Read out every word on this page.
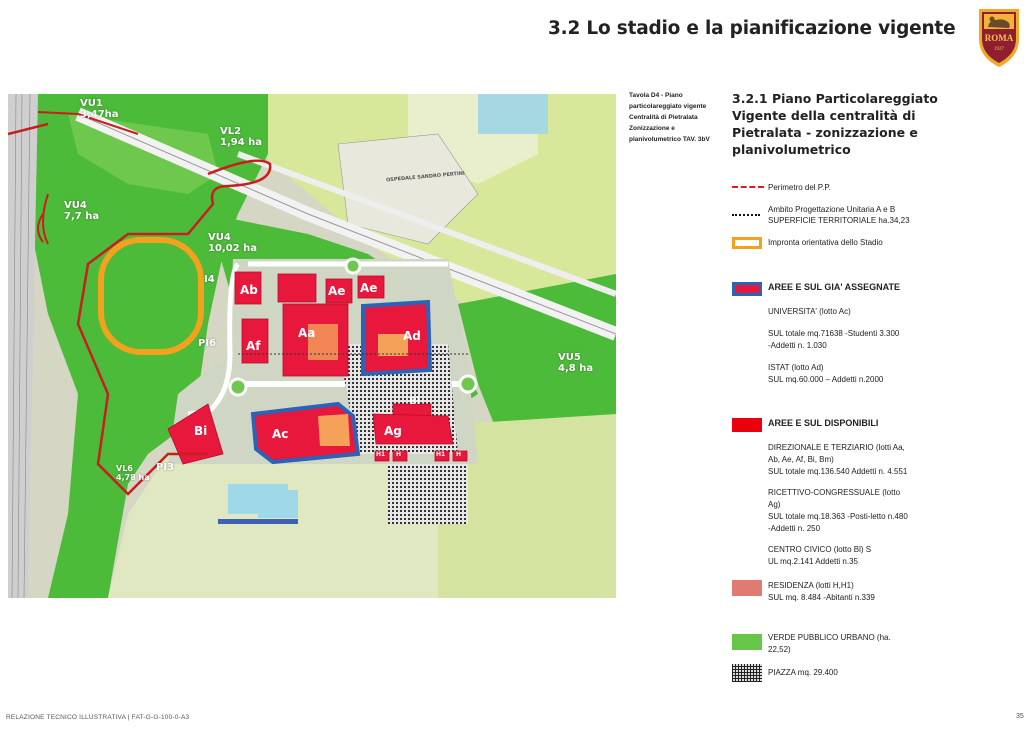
3.2 Lo stadio e la pianificazione vigente	ROMA
1927
VU1
3,47ha
VL2
1,94 ha
VU4
7,7 ha
VU4
10,02 ha
VU5
4,8 ha
VL6
4,78 ha
I4
PI6
PI3
OSPEDALE SANDRO PERTINI
Ab	Ae Ae
Aa	Ad
Af
Bl
Bi	Ac	Ag
H1 H	H1 H
Tavola D4 - Piano particolareggiato vigente Centralità di Pietralata Zonizzazione e planivolumetrico TAV. 3bV
3.2.1 Piano Particolareggiato Vigente della centralità di Pietralata - zonizzazione e planivolumetrico
Perimetro del P.P.
Ambito Progettazione Unitaria A e B
SUPERFICIE TERRITORIALE ha.34,23
Impronta orientativa dello Stadio
AREE E SUL GIA' ASSEGNATE
UNIVERSITA' (lotto Ac)
SUL totale mq.71638 -Studenti 3.300
-Addetti n. 1.030
ISTAT (lotto Ad)
SUL mq.60.000 – Addetti n.2000
AREE E SUL DISPONIBILI
DIREZIONALE E TERZIARIO (lotti Aa,
Ab, Ae, Af, Bi, Bm)
SUL totale mq.136.540 Addetti n. 4.551
RICETTIVO-CONGRESSUALE (lotto
Ag)
SUL totale mq.18.363 -Posti-letto n.480
-Addetti n. 250
CENTRO CIVICO (lotto Bl) S
UL mq.2.141 Addetti n.35
RESIDENZA (lotti H,H1)
SUL mq. 8.484 -Abitanti n.339
VERDE PUBBLICO URBANO (ha.
22,52)
PIAZZA mq. 29.400
RELAZIONE TECNICO ILLUSTRATIVA | FAT-G-G-100-0-A3	35
